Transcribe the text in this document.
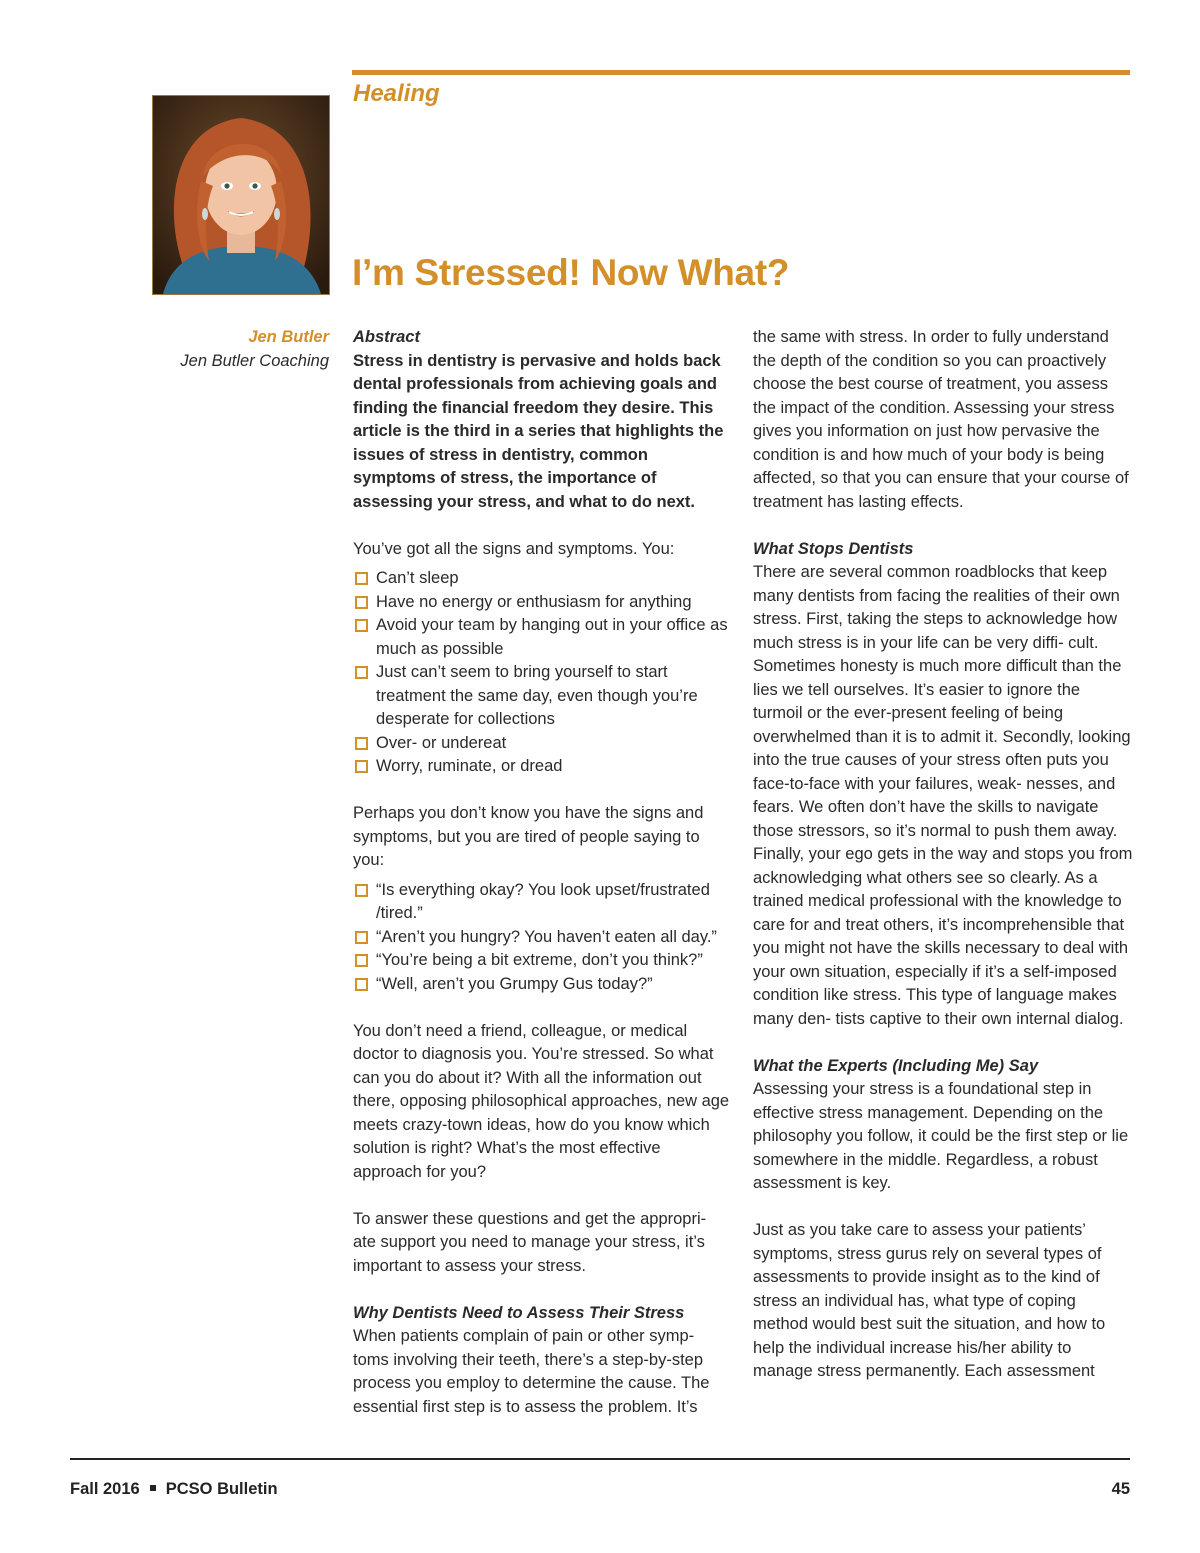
Healing
I’m Stressed! Now What?
Jen Butler
Jen Butler Coaching

Abstract

Stress in dentistry is pervasive and holds back dental professionals from achieving goals and finding the financial freedom they desire. This article is the third in a series that highlights the issues of stress in dentistry, common symptoms of stress, the importance of assessing your stress, and what to do next.

You’ve got all the signs and symptoms. You:

Can’t sleep
Have no energy or enthusiasm for anything
Avoid your team by hanging out in your office as much as possible
Just can’t seem to bring yourself to start treatment the same day, even though you’re desperate for collections
Over- or undereat
Worry, ruminate, or dread

Perhaps you don’t know you have the signs and symptoms, but you are tired of people saying to you:

“Is everything okay? You look upset/frustrated /tired.”
“Aren’t you hungry? You haven’t eaten all day.”
“You’re being a bit extreme, don’t you think?”
“Well, aren’t you Grumpy Gus today?”

You don’t need a friend, colleague, or medical doctor to diagnosis you. You’re stressed. So what can you do about it? With all the information out there, opposing philosophical approaches, new age meets crazy-town ideas, how do you know which solution is right? What’s the most effective approach for you?

To answer these questions and get the appropri- ate support you need to manage your stress, it’s important to assess your stress.

Why Dentists Need to Assess Their Stress

When patients complain of pain or other symp- toms involving their teeth, there’s a step-by-step process you employ to determine the cause. The essential first step is to assess the problem. It’s

the same with stress. In order to fully understand the depth of the condition so you can proactively choose the best course of treatment, you assess the impact of the condition. Assessing your stress gives you information on just how pervasive the condition is and how much of your body is being affected, so that you can ensure that your course of treatment has lasting effects.

What Stops Dentists

There are several common roadblocks that keep many dentists from facing the realities of their own stress. First, taking the steps to acknowledge how much stress is in your life can be very diffi- cult. Sometimes honesty is much more difficult than the lies we tell ourselves. It’s easier to ignore the turmoil or the ever-present feeling of being overwhelmed than it is to admit it. Secondly, looking into the true causes of your stress often puts you face-to-face with your failures, weak- nesses, and fears. We often don’t have the skills to navigate those stressors, so it’s normal to push them away. Finally, your ego gets in the way and stops you from acknowledging what others see so clearly. As a trained medical professional with the knowledge to care for and treat others, it’s incomprehensible that you might not have the skills necessary to deal with your own situation, especially if it’s a self-imposed condition like stress. This type of language makes many den- tists captive to their own internal dialog.

What the Experts (Including Me) Say

Assessing your stress is a foundational step in effective stress management. Depending on the philosophy you follow, it could be the first step or lie somewhere in the middle. Regardless, a robust assessment is key.

Just as you take care to assess your patients’ symptoms, stress gurus rely on several types of assessments to provide insight as to the kind of stress an individual has, what type of coping method would best suit the situation, and how to help the individual increase his/her ability to manage stress permanently. Each assessment

Fall 2016 PCSO Bulletin	45
